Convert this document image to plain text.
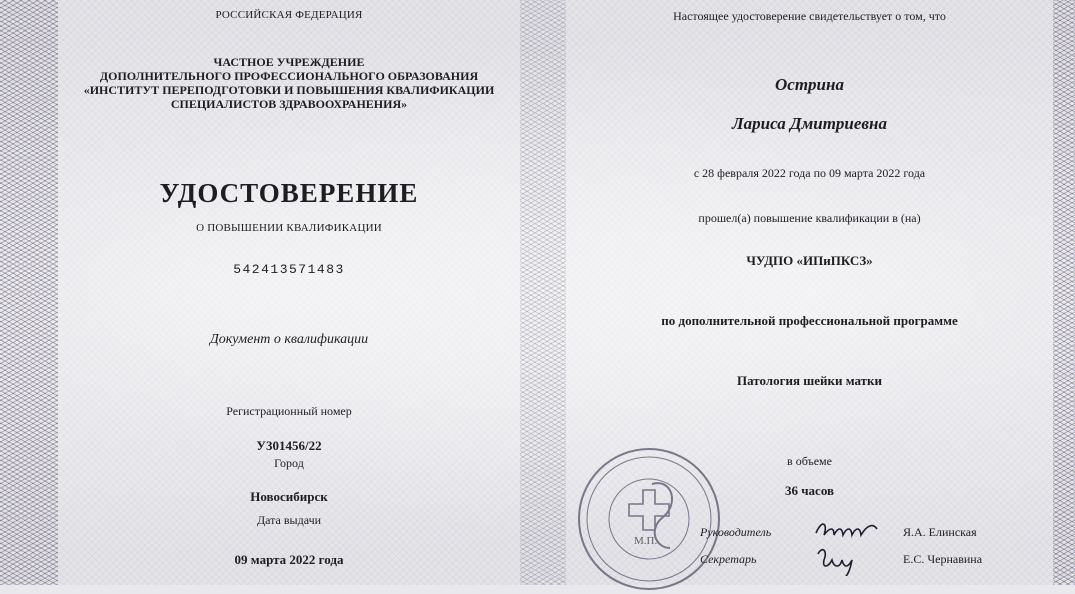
РОССИЙСКАЯ ФЕДЕРАЦИЯ
ЧАСТНОЕ УЧРЕЖДЕНИЕ
ДОПОЛНИТЕЛЬНОГО ПРОФЕССИОНАЛЬНОГО ОБРАЗОВАНИЯ
«ИНСТИТУТ ПЕРЕПОДГОТОВКИ И ПОВЫШЕНИЯ КВАЛИФИКАЦИИ
СПЕЦИАЛИСТОВ ЗДРАВООХРАНЕНИЯ»
УДОСТОВЕРЕНИЕ
О ПОВЫШЕНИИ КВАЛИФИКАЦИИ
542413571483
Документ о квалификации
Регистрационный номер
У301456/22
Город
Новосибирск
Дата выдачи
09 марта 2022 года
Настоящее удостоверение свидетельствует о том, что
Острина
Лариса Дмитриевна
с 28 февраля 2022 года по 09 марта 2022 года
прошел(а) повышение квалификации в (на)
ЧУДПО «ИПиПКСЗ»
по дополнительной профессиональной программе
Патология шейки матки
в объеме
36 часов
М.П.
Руководитель	Я.А. Елинская
Секретарь	Е.С. Чернавина
